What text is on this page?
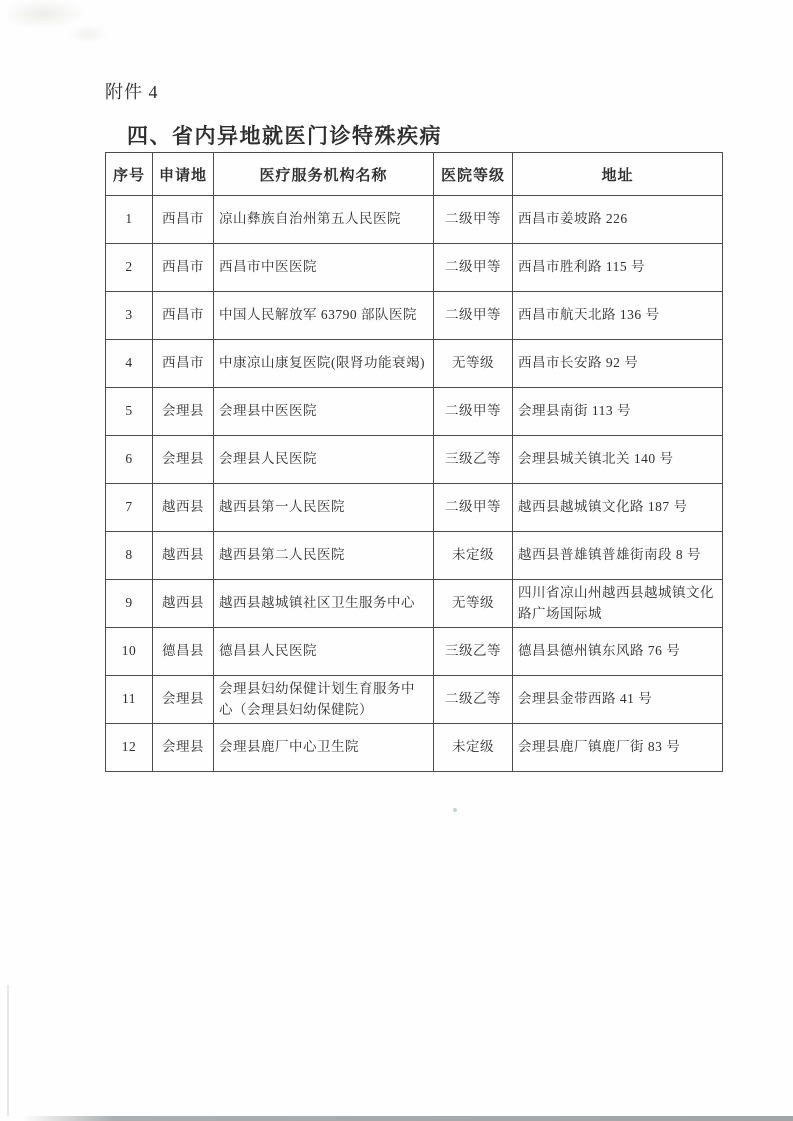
附件 4
四、省内异地就医门诊特殊疾病
序号	申请地	医疗服务机构名称	医院等级	地址
1	西昌市	凉山彝族自治州第五人民医院	二级甲等	西昌市姜坡路 226
2	西昌市	西昌市中医医院	二级甲等	西昌市胜利路 115 号
3	西昌市	中国人民解放军 63790 部队医院	二级甲等	西昌市航天北路 136 号
4	西昌市	中康凉山康复医院(限肾功能衰竭)	无等级	西昌市长安路 92 号
5	会理县	会理县中医医院	二级甲等	会理县南街 113 号
6	会理县	会理县人民医院	三级乙等	会理县城关镇北关 140 号
7	越西县	越西县第一人民医院	二级甲等	越西县越城镇文化路 187 号
8	越西县	越西县第二人民医院	未定级	越西县普雄镇普雄街南段 8 号
9	越西县	越西县越城镇社区卫生服务中心	无等级	四川省凉山州越西县越城镇文化路广场国际城
10	德昌县	德昌县人民医院	三级乙等	德昌县德州镇东风路 76 号
11	会理县	会理县妇幼保健计划生育服务中心（会理县妇幼保健院）	二级乙等	会理县金带西路 41 号
12	会理县	会理县鹿厂中心卫生院	未定级	会理县鹿厂镇鹿厂街 83 号
